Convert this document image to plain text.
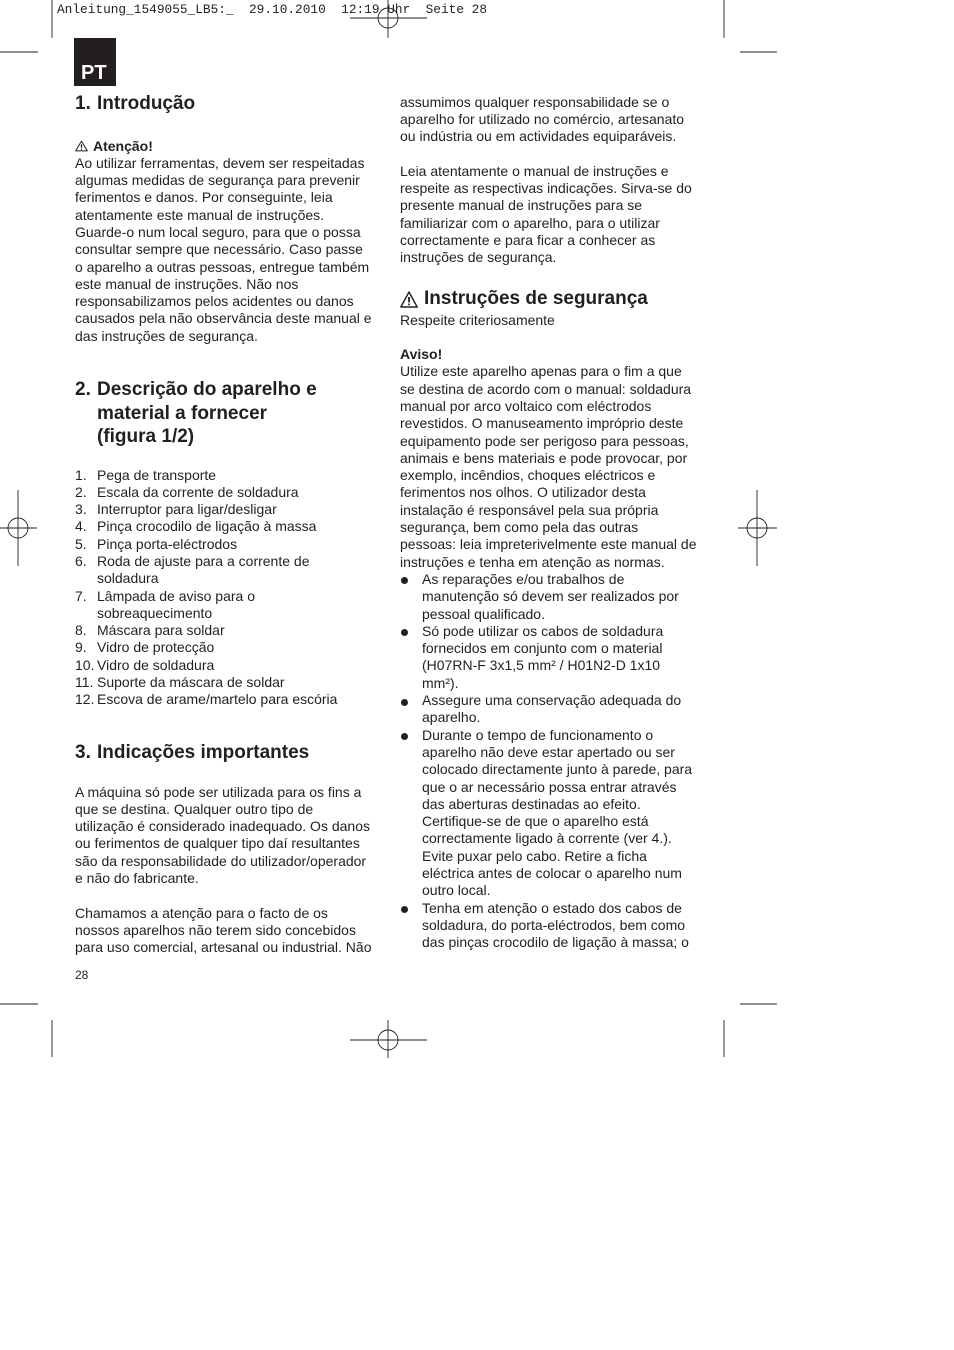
Anleitung_1549055_LB5:_  29.10.2010  12:19 Uhr  Seite 28
PT
1. Introdução
Atenção!
Ao utilizar ferramentas, devem ser respeitadas
algumas medidas de segurança para prevenir
ferimentos e danos. Por conseguinte, leia
atentamente este manual de instruções.
Guarde-o num local seguro, para que o possa
consultar sempre que necessário. Caso passe
o aparelho a outras pessoas, entregue também
este manual de instruções. Não nos
responsabilizamos pelos acidentes ou danos
causados pela não observância deste manual e
das instruções de segurança.
2. Descrição do aparelho e
material a fornecer
(figura 1/2)
1. Pega de transporte
2. Escala da corrente de soldadura
3. Interruptor para ligar/desligar
4. Pinça crocodilo de ligação à massa
5. Pinça porta-eléctrodos
6. Roda de ajuste para a corrente de
soldadura
7. Lâmpada de aviso para o
sobreaquecimento
8. Máscara para soldar
9. Vidro de protecção
10. Vidro de soldadura
11. Suporte da máscara de soldar
12. Escova de arame/martelo para escória
3. Indicações importantes
A máquina só pode ser utilizada para os fins a
que se destina. Qualquer outro tipo de
utilização é considerado inadequado. Os danos
ou ferimentos de qualquer tipo daí resultantes
são da responsabilidade do utilizador/operador
e não do fabricante.
Chamamos a atenção para o facto de os
nossos aparelhos não terem sido concebidos
para uso comercial, artesanal ou industrial. Não
28
assumimos qualquer responsabilidade se o
aparelho for utilizado no comércio, artesanato
ou indústria ou em actividades equiparáveis.
Leia atentamente o manual de instruções e
respeite as respectivas indicações. Sirva-se do
presente manual de instruções para se
familiarizar com o aparelho, para o utilizar
correctamente e para ficar a conhecer as
instruções de segurança.
Instruções de segurança
Respeite criteriosamente
Aviso!
Utilize este aparelho apenas para o fim a que
se destina de acordo com o manual: soldadura
manual por arco voltaico com eléctrodos
revestidos. O manuseamento impróprio deste
equipamento pode ser perigoso para pessoas,
animais e bens materiais e pode provocar, por
exemplo, incêndios, choques eléctricos e
ferimentos nos olhos. O utilizador desta
instalação é responsável pela sua própria
segurança, bem como pela das outras
pessoas: leia impreterivelmente este manual de
instruções e tenha em atenção as normas.
As reparações e/ou trabalhos de
manutenção só devem ser realizados por
pessoal qualificado.
Só pode utilizar os cabos de soldadura
fornecidos em conjunto com o material
(H07RN-F 3x1,5 mm² / H01N2-D 1x10
mm²).
Assegure uma conservação adequada do
aparelho.
Durante o tempo de funcionamento o
aparelho não deve estar apertado ou ser
colocado directamente junto à parede, para
que o ar necessário possa entrar através
das aberturas destinadas ao efeito.
Certifique-se de que o aparelho está
correctamente ligado à corrente (ver 4.).
Evite puxar pelo cabo. Retire a ficha
eléctrica antes de colocar o aparelho num
outro local.
Tenha em atenção o estado dos cabos de
soldadura, do porta-eléctrodos, bem como
das pinças crocodilo de ligação à massa; o
